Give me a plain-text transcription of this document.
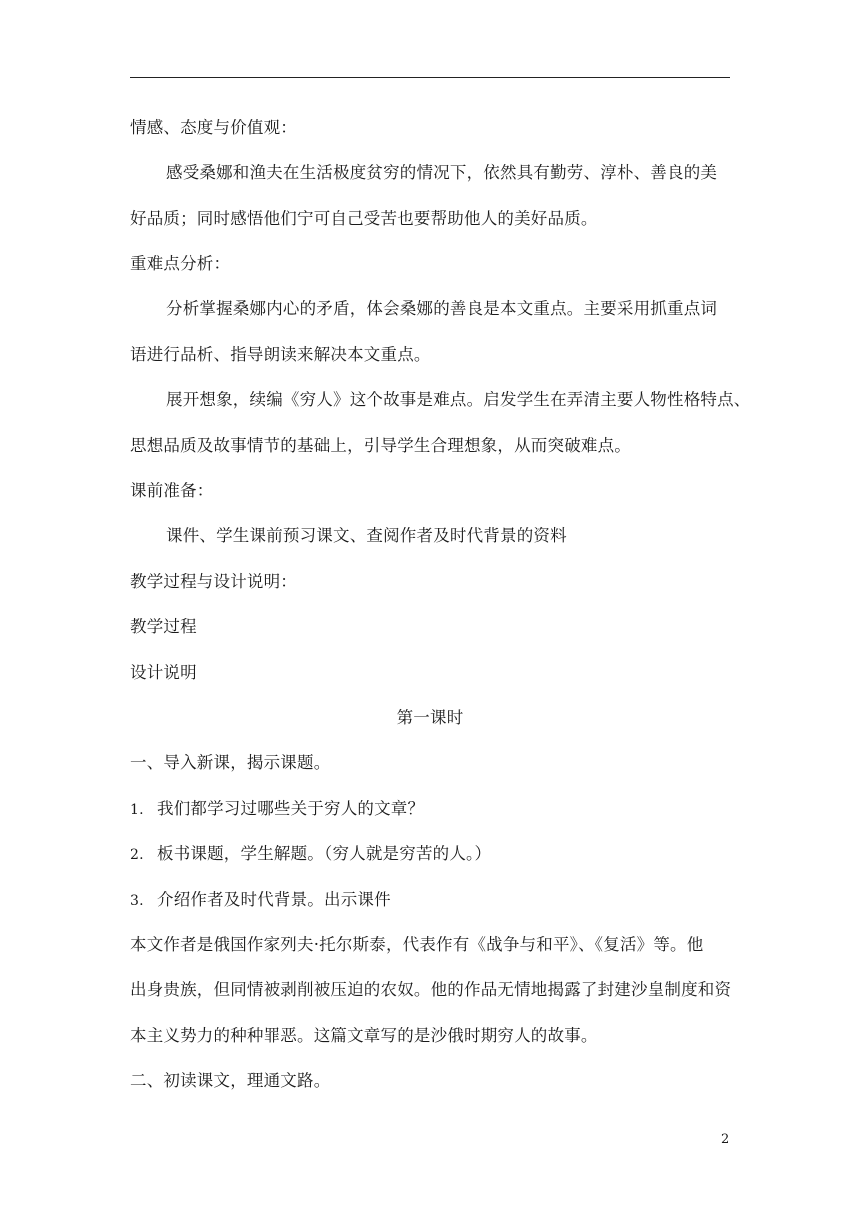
情感、态度与价值观：
感受桑娜和渔夫在生活极度贫穷的情况下，依然具有勤劳、淳朴、善良的美
好品质；同时感悟他们宁可自己受苦也要帮助他人的美好品质。
重难点分析：
分析掌握桑娜内心的矛盾，体会桑娜的善良是本文重点。主要采用抓重点词
语进行品析、指导朗读来解决本文重点。
展开想象，续编《穷人》这个故事是难点。启发学生在弄清主要人物性格特点、
思想品质及故事情节的基础上，引导学生合理想象，从而突破难点。
课前准备：
课件、学生课前预习课文、查阅作者及时代背景的资料
教学过程与设计说明：
教学过程
设计说明
第一课时
一、导入新课，揭示课题。
1. 我们都学习过哪些关于穷人的文章？
2. 板书课题，学生解题。（穷人就是穷苦的人。）
3. 介绍作者及时代背景。出示课件
本文作者是俄国作家列夫·托尔斯泰，代表作有《战争与和平》、《复活》等。他
出身贵族，但同情被剥削被压迫的农奴。他的作品无情地揭露了封建沙皇制度和资
本主义势力的种种罪恶。这篇文章写的是沙俄时期穷人的故事。
二、初读课文，理通文路。
2
